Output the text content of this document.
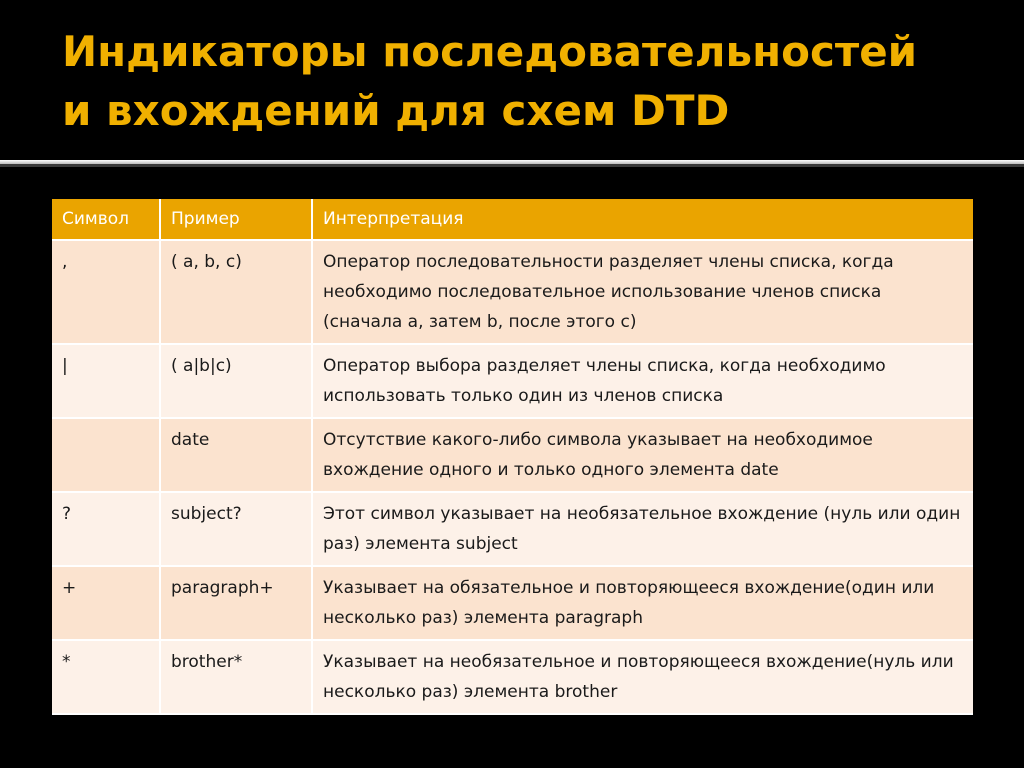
Индикаторы последовательностей
и вхождений для схем DTD
Символ	Пример	Интерпретация
,	( a, b, c)	Оператор последовательности разделяет члены списка, когда необходимо последовательное использование членов списка (сначала a, затем b, после этого c)
|	( a|b|c)	Оператор выбора разделяет члены списка, когда необходимо использовать только один из членов списка
	date	Отсутствие какого-либо символа указывает на необходимое вхождение одного и только одного элемента date
?	subject?	Этот символ указывает на необязательное вхождение (нуль или один раз) элемента subject
+	paragraph+	Указывает на обязательное и повторяющееся вхождение(один или несколько раз) элемента paragraph
*	brother*	Указывает на необязательное и повторяющееся вхождение(нуль или несколько раз) элемента brother
